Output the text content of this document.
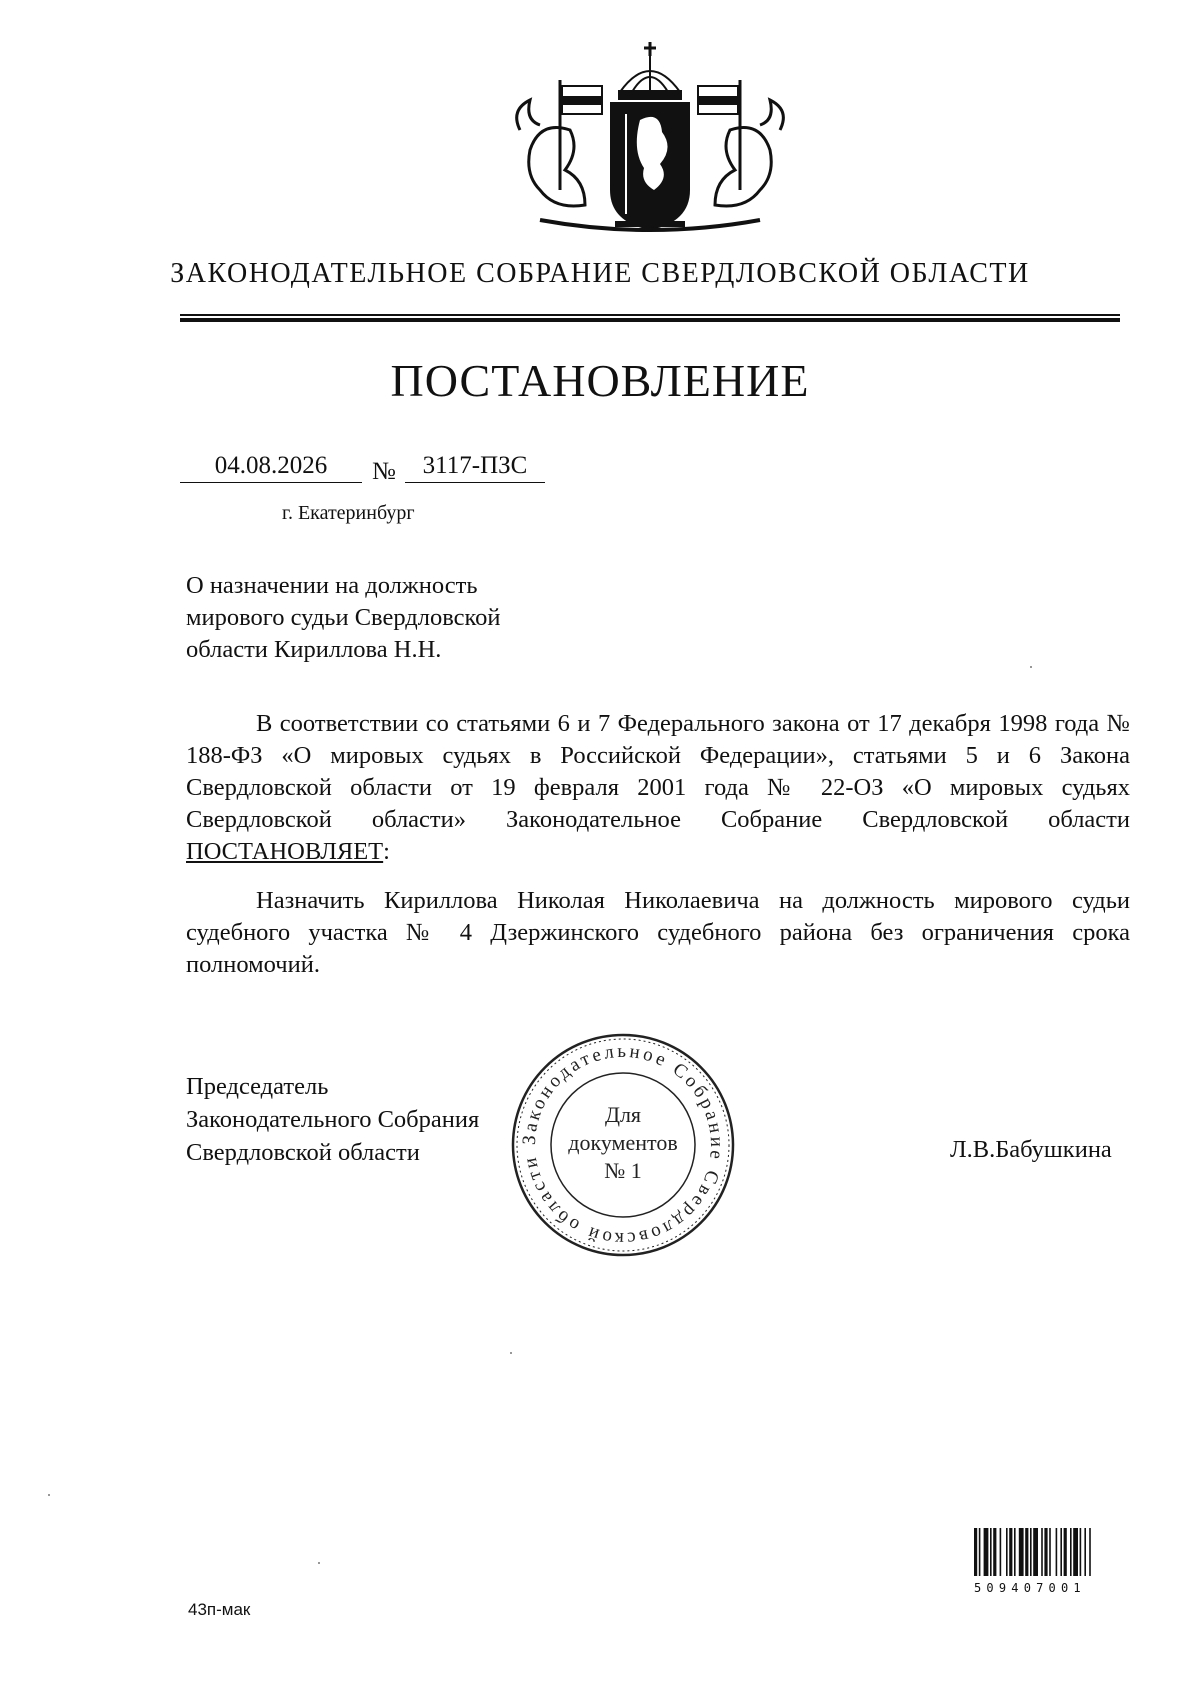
ЗАКОНОДАТЕЛЬНОЕ СОБРАНИЕ СВЕРДЛОВСКОЙ ОБЛАСТИ
ПОСТАНОВЛЕНИЕ
04.08.2026	№	3117-ПЗС
г. Екатеринбург
О назначении на должность
мирового судьи Свердловской
области Кириллова Н.Н.
В соответствии со статьями 6 и 7 Федерального закона от 17 декабря 1998 года № 188-ФЗ «О мировых судьях в Российской Федерации», статьями 5 и 6 Закона Свердловской области от 19 февраля 2001 года № 22-ОЗ «О мировых судьях Свердловской области» Законодательное Собрание Свердловской области ПОСТАНОВЛЯЕТ:
Назначить Кириллова Николая Николаевича на должность мирового судьи судебного участка № 4 Дзержинского судебного района без ограничения срока полномочий.
Председатель
Законодательного Собрания
Свердловской области	Законодательное Собрание Свердловской области
Для
документов
№ 1
Л.В.Бабушкина
509407001
43п-мак
